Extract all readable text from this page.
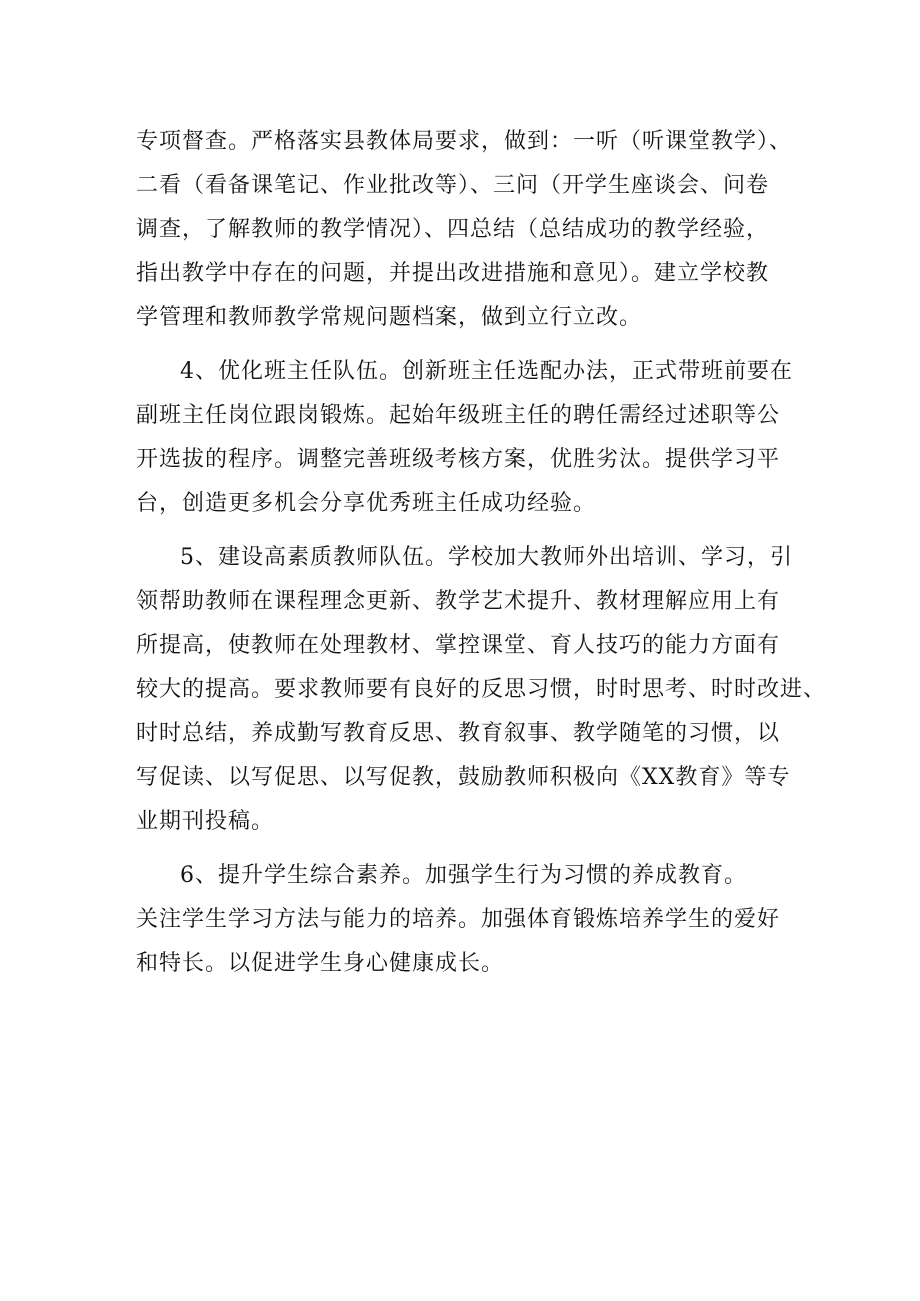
专项督查。严格落实县教体局要求，做到：一听（听课堂教学）、
二看（看备课笔记、作业批改等）、三问（开学生座谈会、问卷
调查，了解教师的教学情况）、四总结（总结成功的教学经验，
指出教学中存在的问题，并提出改进措施和意见）。建立学校教
学管理和教师教学常规问题档案，做到立行立改。
4、优化班主任队伍。创新班主任选配办法，正式带班前要在
副班主任岗位跟岗锻炼。起始年级班主任的聘任需经过述职等公
开选拔的程序。调整完善班级考核方案，优胜劣汰。提供学习平
台，创造更多机会分享优秀班主任成功经验。
5、建设高素质教师队伍。学校加大教师外出培训、学习，引
领帮助教师在课程理念更新、教学艺术提升、教材理解应用上有
所提高，使教师在处理教材、掌控课堂、育人技巧的能力方面有
较大的提高。要求教师要有良好的反思习惯，时时思考、时时改进、
时时总结，养成勤写教育反思、教育叙事、教学随笔的习惯，以
写促读、以写促思、以写促教，鼓励教师积极向《XX教育》等专
业期刊投稿。
6、提升学生综合素养。加强学生行为习惯的养成教育。
关注学生学习方法与能力的培养。加强体育锻炼培养学生的爱好
和特长。以促进学生身心健康成长。
